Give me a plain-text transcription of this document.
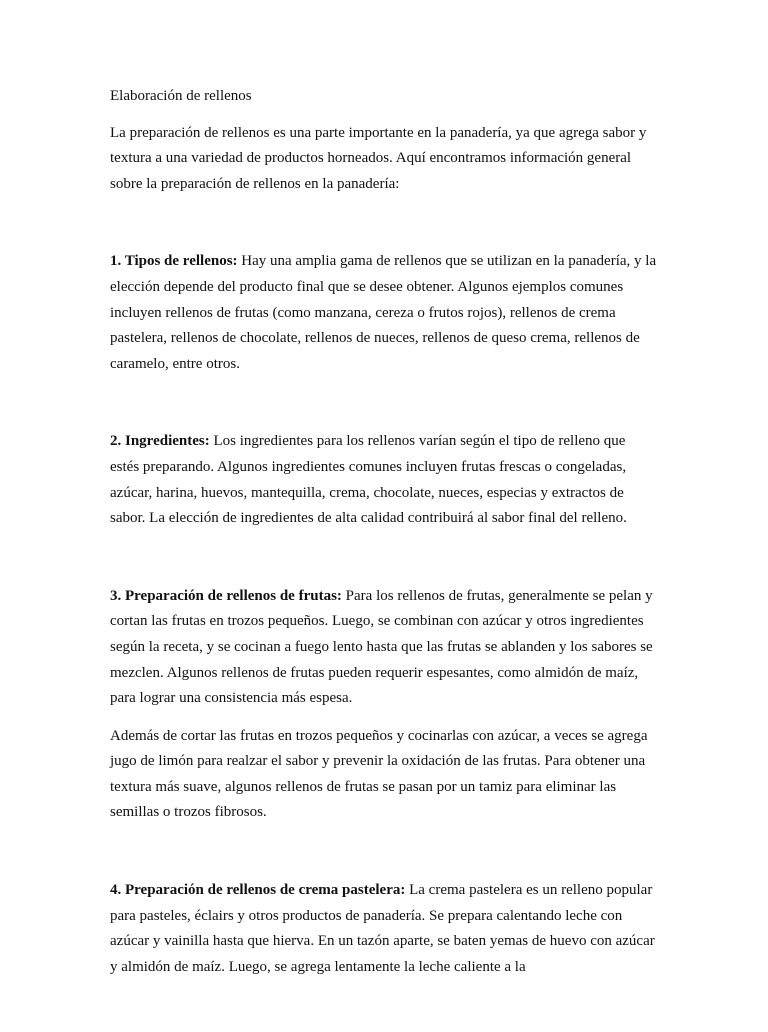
Elaboración de rellenos

La preparación de rellenos es una parte importante en la panadería, ya que agrega sabor y textura a una variedad de productos horneados. Aquí encontramos información general sobre la preparación de rellenos en la panadería:

1. Tipos de rellenos: Hay una amplia gama de rellenos que se utilizan en la panadería, y la elección depende del producto final que se desee obtener. Algunos ejemplos comunes incluyen rellenos de frutas (como manzana, cereza o frutos rojos), rellenos de crema pastelera, rellenos de chocolate, rellenos de nueces, rellenos de queso crema, rellenos de caramelo, entre otros.

2. Ingredientes: Los ingredientes para los rellenos varían según el tipo de relleno que estés preparando. Algunos ingredientes comunes incluyen frutas frescas o congeladas, azúcar, harina, huevos, mantequilla, crema, chocolate, nueces, especias y extractos de sabor. La elección de ingredientes de alta calidad contribuirá al sabor final del relleno.

3. Preparación de rellenos de frutas: Para los rellenos de frutas, generalmente se pelan y cortan las frutas en trozos pequeños. Luego, se combinan con azúcar y otros ingredientes según la receta, y se cocinan a fuego lento hasta que las frutas se ablanden y los sabores se mezclen. Algunos rellenos de frutas pueden requerir espesantes, como almidón de maíz, para lograr una consistencia más espesa.

Además de cortar las frutas en trozos pequeños y cocinarlas con azúcar, a veces se agrega jugo de limón para realzar el sabor y prevenir la oxidación de las frutas. Para obtener una textura más suave, algunos rellenos de frutas se pasan por un tamiz para eliminar las semillas o trozos fibrosos.

4. Preparación de rellenos de crema pastelera: La crema pastelera es un relleno popular para pasteles, éclairs y otros productos de panadería. Se prepara calentando leche con azúcar y vainilla hasta que hierva. En un tazón aparte, se baten yemas de huevo con azúcar y almidón de maíz. Luego, se agrega lentamente la leche caliente a la
